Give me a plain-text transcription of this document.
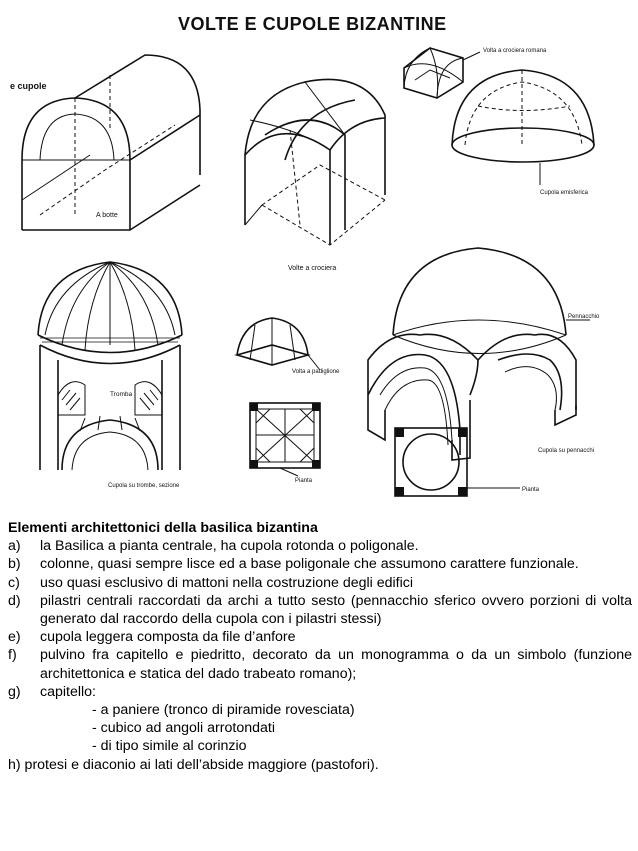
VOLTE E CUPOLE BIZANTINE
e cupole
A botte
Volte a crociera
Volta a crociera romana
Cupola emisferica
Tromba
Cupola su trombe, sezione
Volta a padiglione
Pianta
Pennacchio
Cupola su pennacchi
Pianta

Elementi architettonici della basilica bizantina

a)	la Basilica a pianta centrale, ha cupola rotonda o poligonale.
b)	colonne, quasi sempre lisce ed a base poligonale che assumono carattere funzionale.
c)	uso quasi esclusivo di mattoni nella costruzione degli edifici
d)	pilastri centrali raccordati da archi a tutto sesto (pennacchio sferico ovvero porzioni di volta generato dal raccordo della cupola con i pilastri stessi)
e)	cupola leggera composta da file d’anfore
f)	pulvino fra capitello e piedritto, decorato da un monogramma o da un simbolo (funzione architettonica e statica del dado trabeato romano);
g)	capitello:
- a paniere (tronco di piramide rovesciata)
- cubico ad angoli arrotondati
- di tipo simile al corinzio
h) protesi e diaconio ai lati dell’abside maggiore (pastofori).
